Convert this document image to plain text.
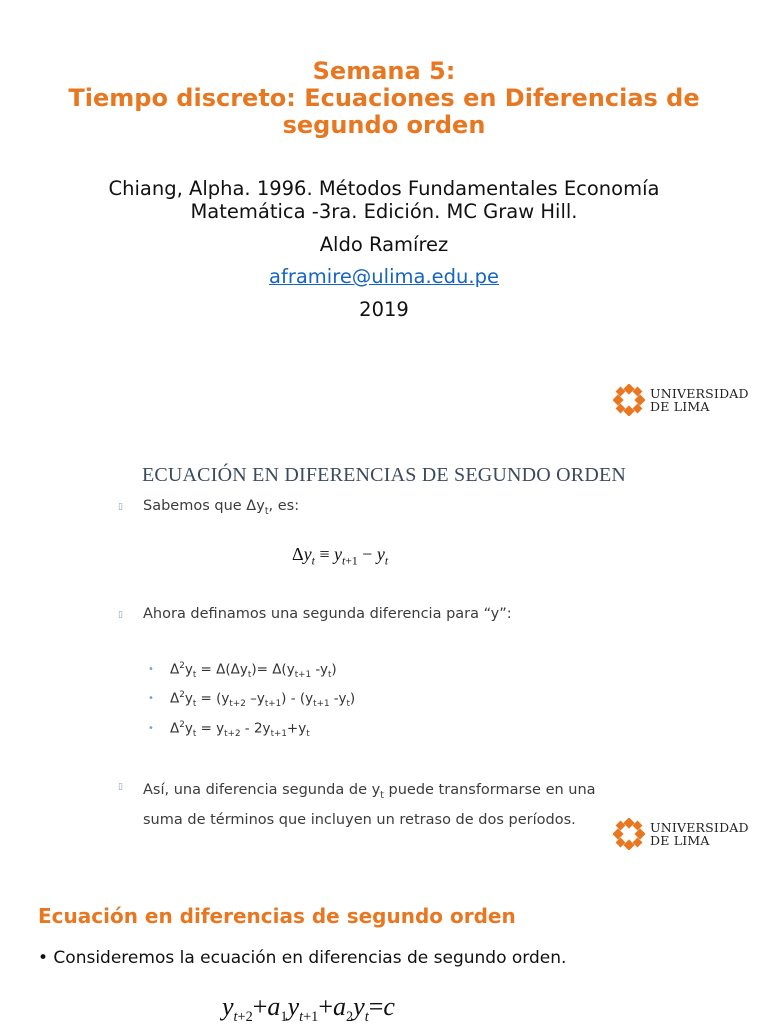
Semana 5:
Tiempo discreto: Ecuaciones en Diferencias de
segundo orden
Chiang, Alpha. 1996. Métodos Fundamentales Economía
Matemática -3ra. Edición. MC Graw Hill.
Aldo Ramírez
aframire@ulima.edu.pe
2019
UNIVERSIDAD
DE LIMA
ECUACIÓN EN DIFERENCIAS DE SEGUNDO ORDEN
▯ Sabemos que $\Delta y_t$, es:
$\Delta y_t \equiv y_{t+1} - y_t$
▯ Ahora definamos una segunda diferencia para “y”:
• $\Delta^2y_t = \Delta(\Delta y_t)= \Delta(y_{t+1}$ $-y_t$)
• $\Delta^2y_t = (y_{t+2}$ $-y_{t+1}) - (y_{t+1}$ $-y_t$)
• $\Delta^2y_t = y_{t+2} - 2y_{t+1}+y_t$
▯ Así, una diferencia segunda de $y_t$ puede transformarse en una
suma de términos que incluyen un retraso de dos períodos.	UNIVERSIDAD
DE LIMA
Ecuación en diferencias de segundo orden
• Consideremos la ecuación en diferencias de segundo orden.
$y_{t+2}+a_1y_{t+1}+a_2y_t=c$
